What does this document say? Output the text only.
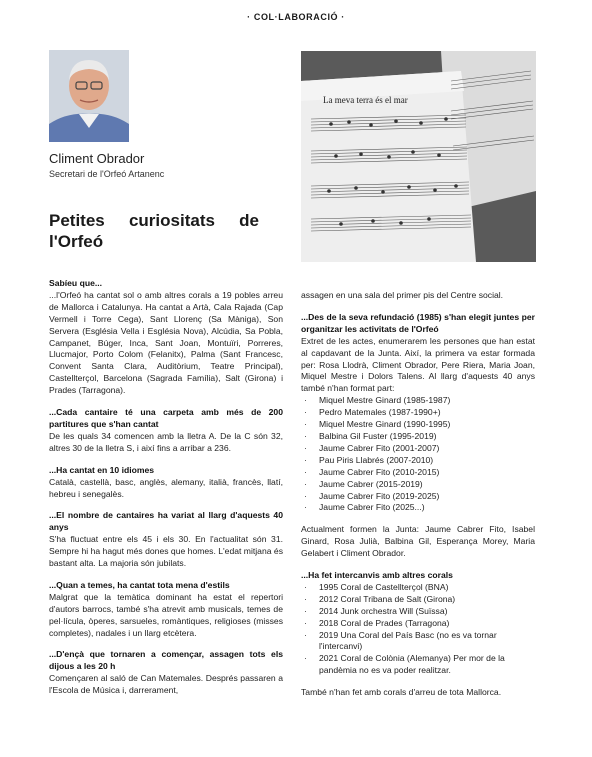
· COL·LABORACIÓ ·
Climent Obrador
Secretari de l'Orfeó Artanenc
La meva terra és el mar
Petites curiositats de l'Orfeó

Sabíeu que...

...l'Orfeó ha cantat sol o amb altres corals a 19 pobles arreu de Mallorca i Catalunya. Ha cantat a Artà, Cala Rajada (Cap Vermell i Torre Cega), Sant Llorenç (Sa Màniga), Son Servera (Església Vella i Església Nova), Alcúdia, Sa Pobla, Campanet, Búger, Inca, Sant Joan, Montuïri, Porreres, Llucmajor, Porto Colom (Felanitx), Palma (Sant Francesc, Convent Santa Clara, Auditòrium, Teatre Principal), Castellterçol, Barcelona (Sagrada Família), Salt (Girona) i Prades (Tarragona).

...Cada cantaire té una carpeta amb més de 200 partitures que s'han cantat

De les quals 34 comencen amb la lletra A. De la C són 32, altres 30 de la lletra S, i així fins a arribar a 236.

...Ha cantat en 10 idiomes

Català, castellà, basc, anglès, alemany, italià, francès, llatí, hebreu i senegalès.

...El nombre de cantaires ha variat al llarg d'aquests 40 anys

S'ha fluctuat entre els 45 i els 30. En l'actualitat són 31. Sempre hi ha hagut més dones que homes. L'edat mitjana és bastant alta. La majoria són jubilats.

...Quan a temes, ha cantat tota mena d'estils

Malgrat que la temàtica dominant ha estat el repertori d'autors barrocs, també s'ha atrevit amb musicals, temes de pel·lícula, òperes, sarsueles, romàntiques, religioses (misses completes), nadales i un llarg etcètera.

...D'ençà que tornaren a començar, assagen tots els dijous a les 20 h

Començaren al saló de Can Matemales. Després passaren a l'Escola de Música i, darrerament,

assagen en una sala del primer pis del Centre social.

...Des de la seva refundació (1985) s'han elegit juntes per organitzar les activitats de l'Orfeó

Extret de les actes, enumerarem les persones que han estat al capdavant de la Junta. Així, la primera va estar formada per: Rosa Llodrà, Climent Obrador, Pere Riera, Maria Joan, Miquel Mestre i Dolors Talens. Al llarg d'aquests 40 anys també n'han format part:

· Miquel Mestre Ginard (1985-1987)
· Pedro Matemales (1987-1990+)
· Miquel Mestre Ginard (1990-1995)
· Balbina Gil Fuster (1995-2019)
· Jaume Cabrer Fito (2001-2007)
· Pau Piris Llabrés (2007-2010)
· Jaume Cabrer Fito (2010-2015)
· Jaume Cabrer (2015-2019)
· Jaume Cabrer Fito (2019-2025)
· Jaume Cabrer Fito (2025...)

Actualment formen la Junta: Jaume Cabrer Fito, Isabel Ginard, Rosa Julià, Balbina Gil, Esperança Morey, Maria Gelabert i Climent Obrador.

...Ha fet intercanvis amb altres corals

· 1995 Coral de Castellterçol (BNA)
· 2012 Coral Tribana de Salt (Girona)
· 2014 Junk orchestra Will (Suïssa)
· 2018 Coral de Prades (Tarragona)
· 2019 Una Coral del País Basc (no es va tornar l'intercanvi)
· 2021 Coral de Colònia (Alemanya) Per mor de la pandèmia no es va poder realitzar.

També n'han fet amb corals d'arreu de tota Mallorca.
